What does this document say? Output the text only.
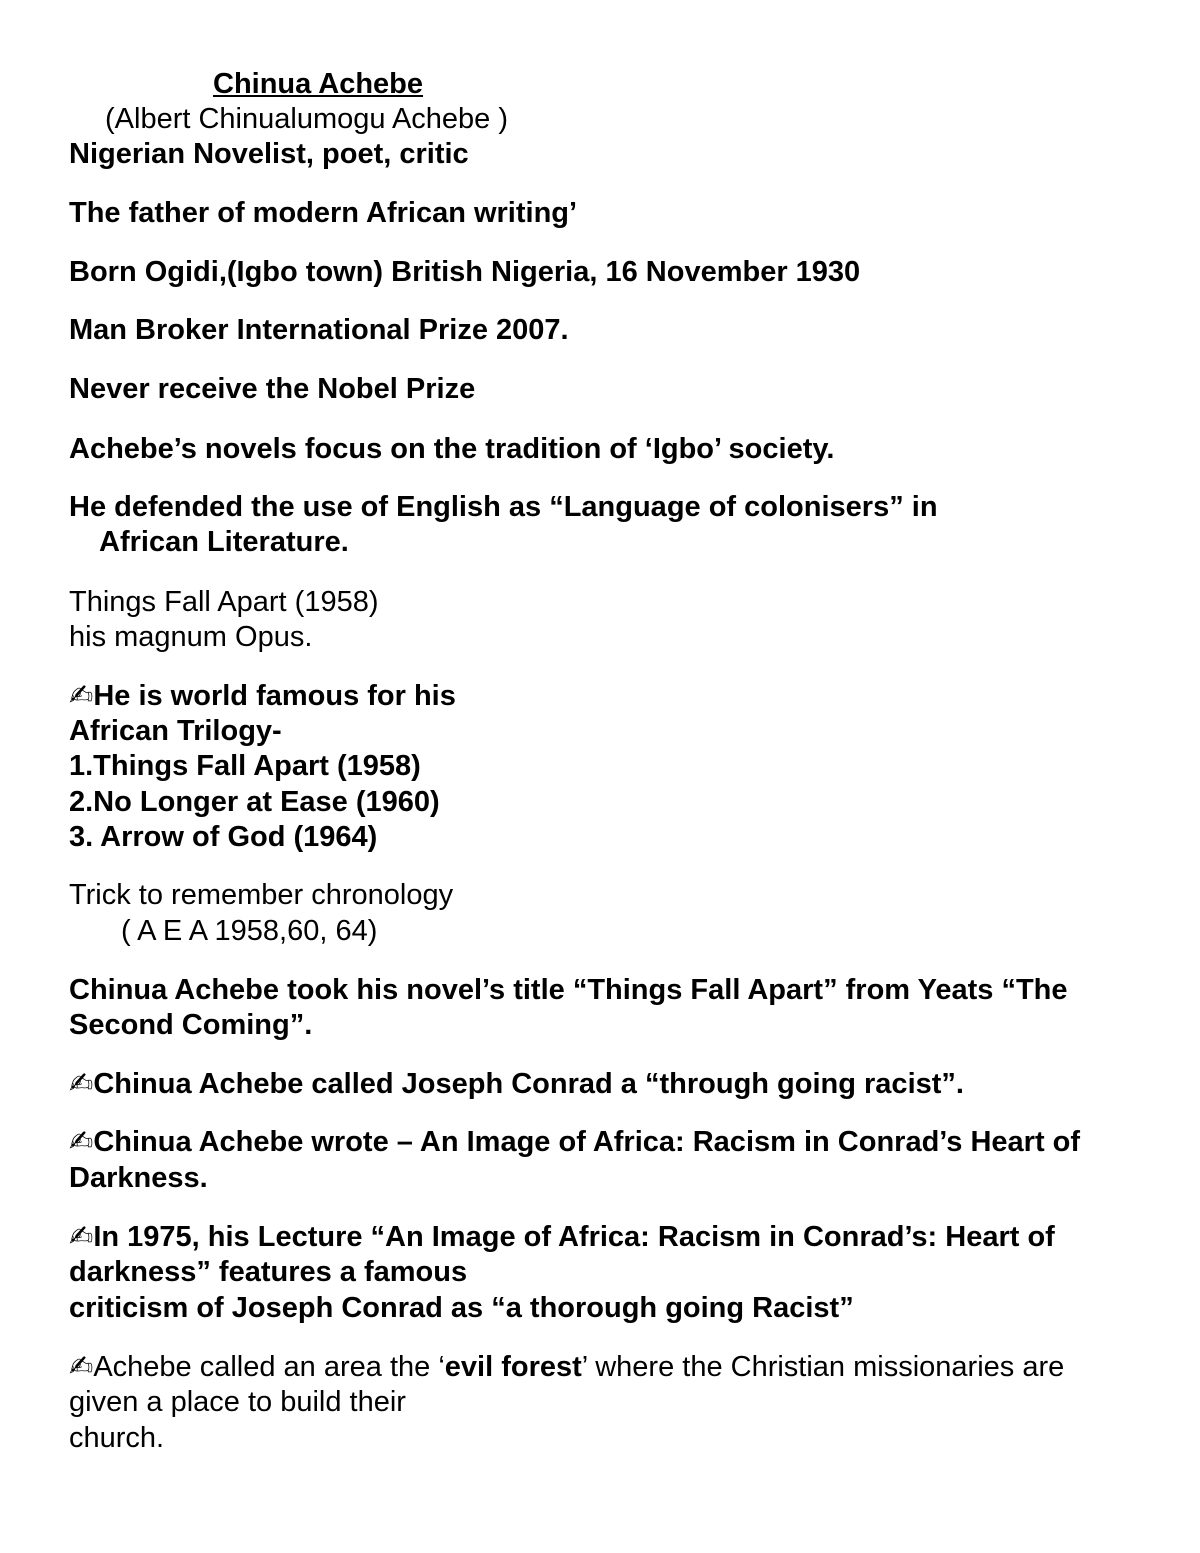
Chinua Achebe
(Albert Chinualumogu Achebe )
Nigerian Novelist, poet, critic
The father of modern African writing’
Born Ogidi,(Igbo town) British Nigeria, 16 November 1930
Man Broker International Prize 2007.
Never receive the Nobel Prize
Achebe’s novels focus on the tradition of ‘Igbo’ society.
He defended the use of English as “Language of colonisers” in
African Literature.
Things Fall Apart (1958)
his magnum Opus.
✍He is world famous for his
African Trilogy-
1.Things Fall Apart (1958)
2.No Longer at Ease (1960)
3. Arrow of God (1964)
Trick to remember chronology
( A E A 1958,60, 64)
Chinua Achebe took his novel’s title “Things Fall Apart” from Yeats “The
Second Coming”.
✍Chinua Achebe called Joseph Conrad a “through going racist”.
✍Chinua Achebe wrote – An Image of Africa: Racism in Conrad’s Heart of
Darkness.
✍In 1975, his Lecture “An Image of Africa: Racism in Conrad’s: Heart of
darkness” features a famous
criticism of Joseph Conrad as “a thorough going Racist”
✍Achebe called an area the ‘evil forest’ where the Christian missionaries are
given a place to build their
church.
